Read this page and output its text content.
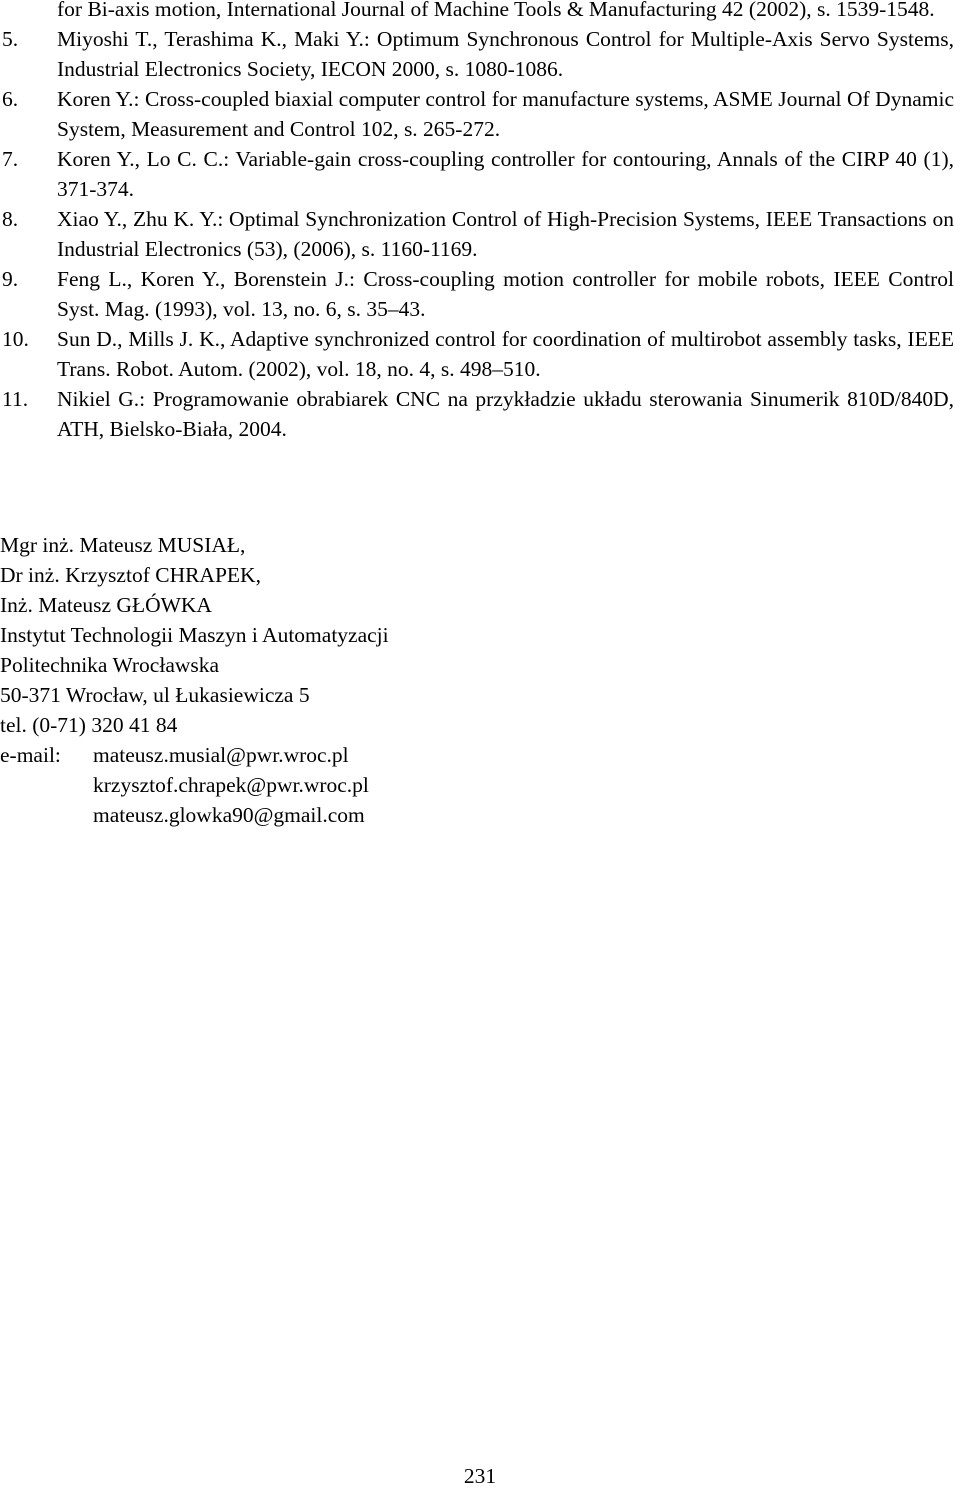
for Bi-axis motion, International Journal of Machine Tools & Manufacturing 42 (2002), s. 1539-1548.
5. Miyoshi T., Terashima K., Maki Y.: Optimum Synchronous Control for Multiple-Axis Servo Systems, Industrial Electronics Society, IECON 2000, s. 1080-1086.
6. Koren Y.: Cross-coupled biaxial computer control for manufacture systems, ASME Journal Of Dynamic System, Measurement and Control 102, s. 265-272.
7. Koren Y., Lo C. C.: Variable-gain cross-coupling controller for contouring, Annals of the CIRP 40 (1), 371-374.
8. Xiao Y., Zhu K. Y.: Optimal Synchronization Control of High-Precision Systems, IEEE Transactions on Industrial Electronics (53), (2006), s. 1160-1169.
9. Feng L., Koren Y., Borenstein J.: Cross-coupling motion controller for mobile robots, IEEE Control Syst. Mag. (1993), vol. 13, no. 6, s. 35–43.
10. Sun D., Mills J. K., Adaptive synchronized control for coordination of multirobot assembly tasks, IEEE Trans. Robot. Autom. (2002), vol. 18, no. 4, s. 498–510.
11. Nikiel G.: Programowanie obrabiarek CNC na przykładzie układu sterowania Sinumerik 810D/840D, ATH, Bielsko-Biała, 2004.
Mgr inż. Mateusz MUSIAŁ,
Dr inż. Krzysztof CHRAPEK,
Inż. Mateusz GŁÓWKA
Instytut Technologii Maszyn i Automatyzacji
Politechnika Wrocławska
50-371 Wrocław, ul Łukasiewicza 5
tel. (0-71) 320 41 84
e-mail: mateusz.musial@pwr.wroc.pl
krzysztof.chrapek@pwr.wroc.pl
mateusz.glowka90@gmail.com
231
